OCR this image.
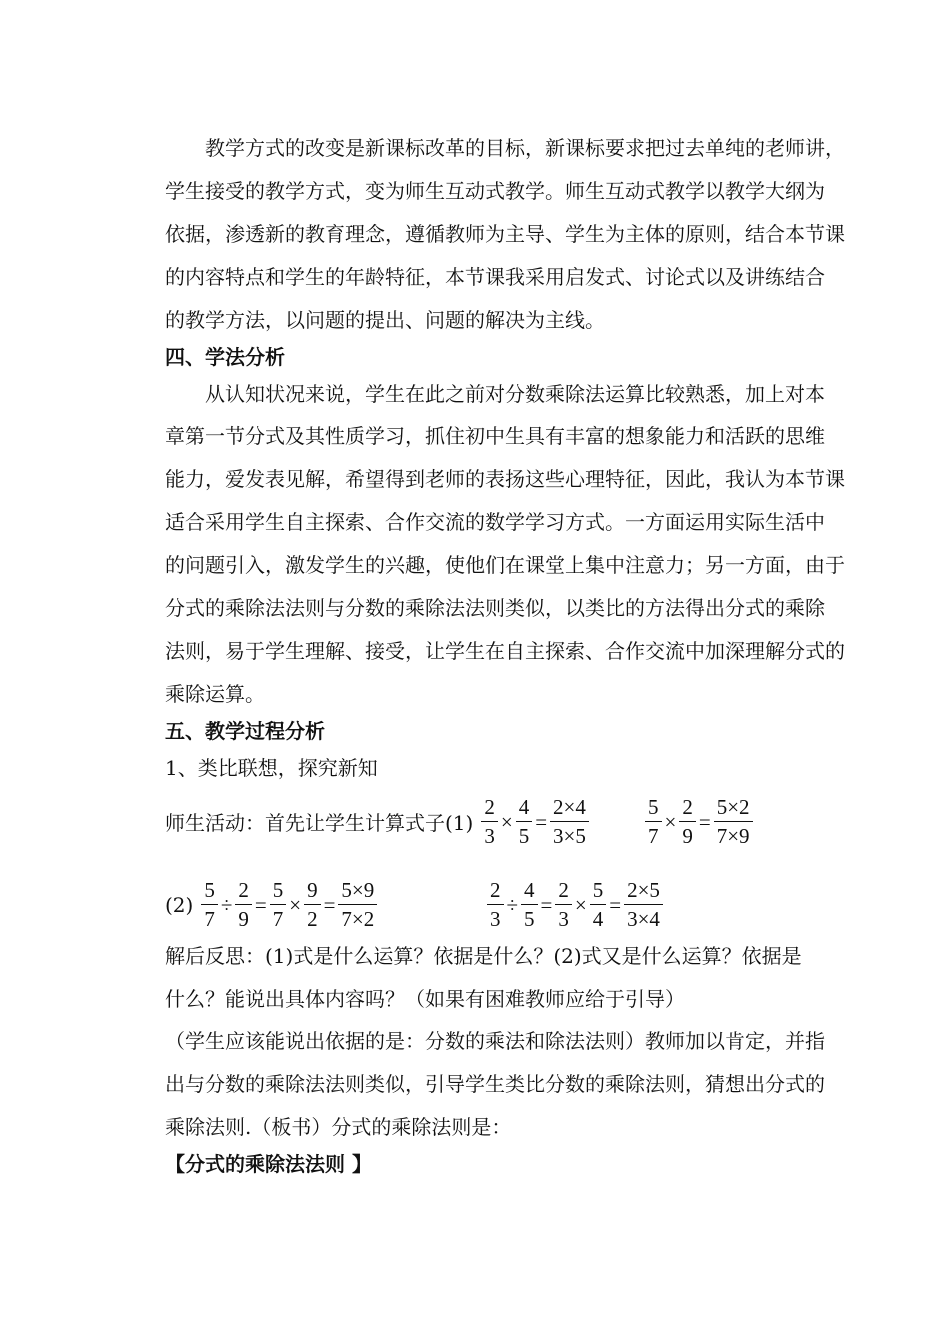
教学方式的改变是新课标改革的目标，新课标要求把过去单纯的老师讲，
学生接受的教学方式，变为师生互动式教学。师生互动式教学以教学大纲为
依据，渗透新的教育理念，遵循教师为主导、学生为主体的原则，结合本节课
的内容特点和学生的年龄特征，本节课我采用启发式、讨论式以及讲练结合
的教学方法，以问题的提出、问题的解决为主线。
四、学法分析
从认知状况来说，学生在此之前对分数乘除法运算比较熟悉，加上对本
章第一节分式及其性质学习，抓住初中生具有丰富的想象能力和活跃的思维
能力，爱发表见解，希望得到老师的表扬这些心理特征，因此，我认为本节课
适合采用学生自主探索、合作交流的数学学习方式。一方面运用实际生活中
的问题引入，激发学生的兴趣，使他们在课堂上集中注意力；另一方面，由于
分式的乘除法法则与分数的乘除法法则类似，以类比的方法得出分式的乘除
法则，易于学生理解、接受，让学生在自主探索、合作交流中加深理解分式的
乘除运算。
五、教学过程分析
1、类比联想，探究新知
师生活动：首先让学生计算式子$(1) \frac{2}{3} \times \frac{4}{5} = \frac{2\times 4}{3\times 5}$	$\frac{5}{7} \times \frac{2}{9} = \frac{5\times 2}{7\times 9}$
$(2) \frac{5}{7} \div \frac{2}{9} = \frac{5}{7} \times \frac{9}{2} = \frac{5\times 9}{7\times 2}$	$\frac{2}{3} \div \frac{4}{5} = \frac{2}{3} \times \frac{5}{4} = \frac{2\times 5}{3\times 4}$
解后反思：(1)式是什么运算？依据是什么？(2)式又是什么运算？依据是
什么？能说出具体内容吗？（如果有困难教师应给于引导）
（学生应该能说出依据的是：分数的乘法和除法法则）教师加以肯定，并指
出与分数的乘除法法则类似，引导学生类比分数的乘除法则，猜想出分式的
乘除法则.（板书）分式的乘除法则是：
【分式的乘除法法则 】
